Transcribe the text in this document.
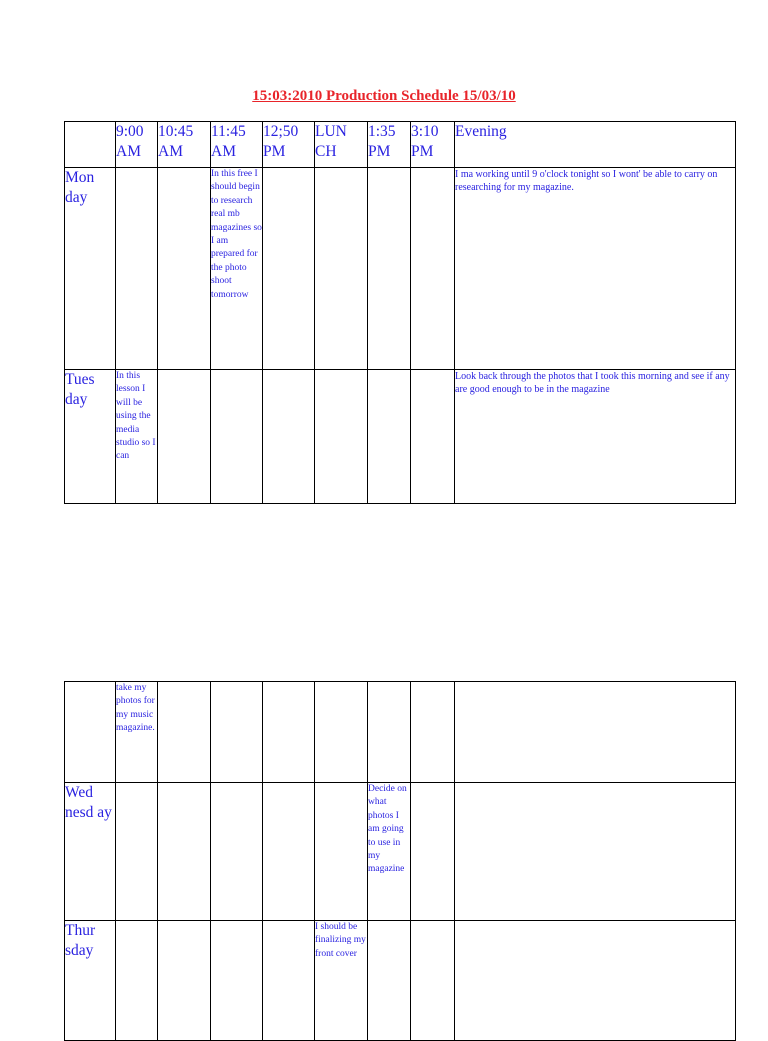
15:03:2010 Production Schedule 15/03/10
	9:00 AM	10:45 AM	11:45 AM	12;50 PM	LUN CH	1:35 PM	3:10 PM	Evening
Mon day			In this free I should begin to research real mb magazines so I am prepared for the photo shoot tomorrow					I ma working until 9 o'clock tonight so I wont' be able to carry on researching for my magazine.
Tues day	In this lesson I will be using the media studio so I can							Look back through the photos that I took this morning and see if any are good enough to be in the magazine
	take my photos for my music magazine.							
Wed nesd ay						Decide on what photos I am going to use in my magazine		
Thur sday					I should be finalizing my front cover			
